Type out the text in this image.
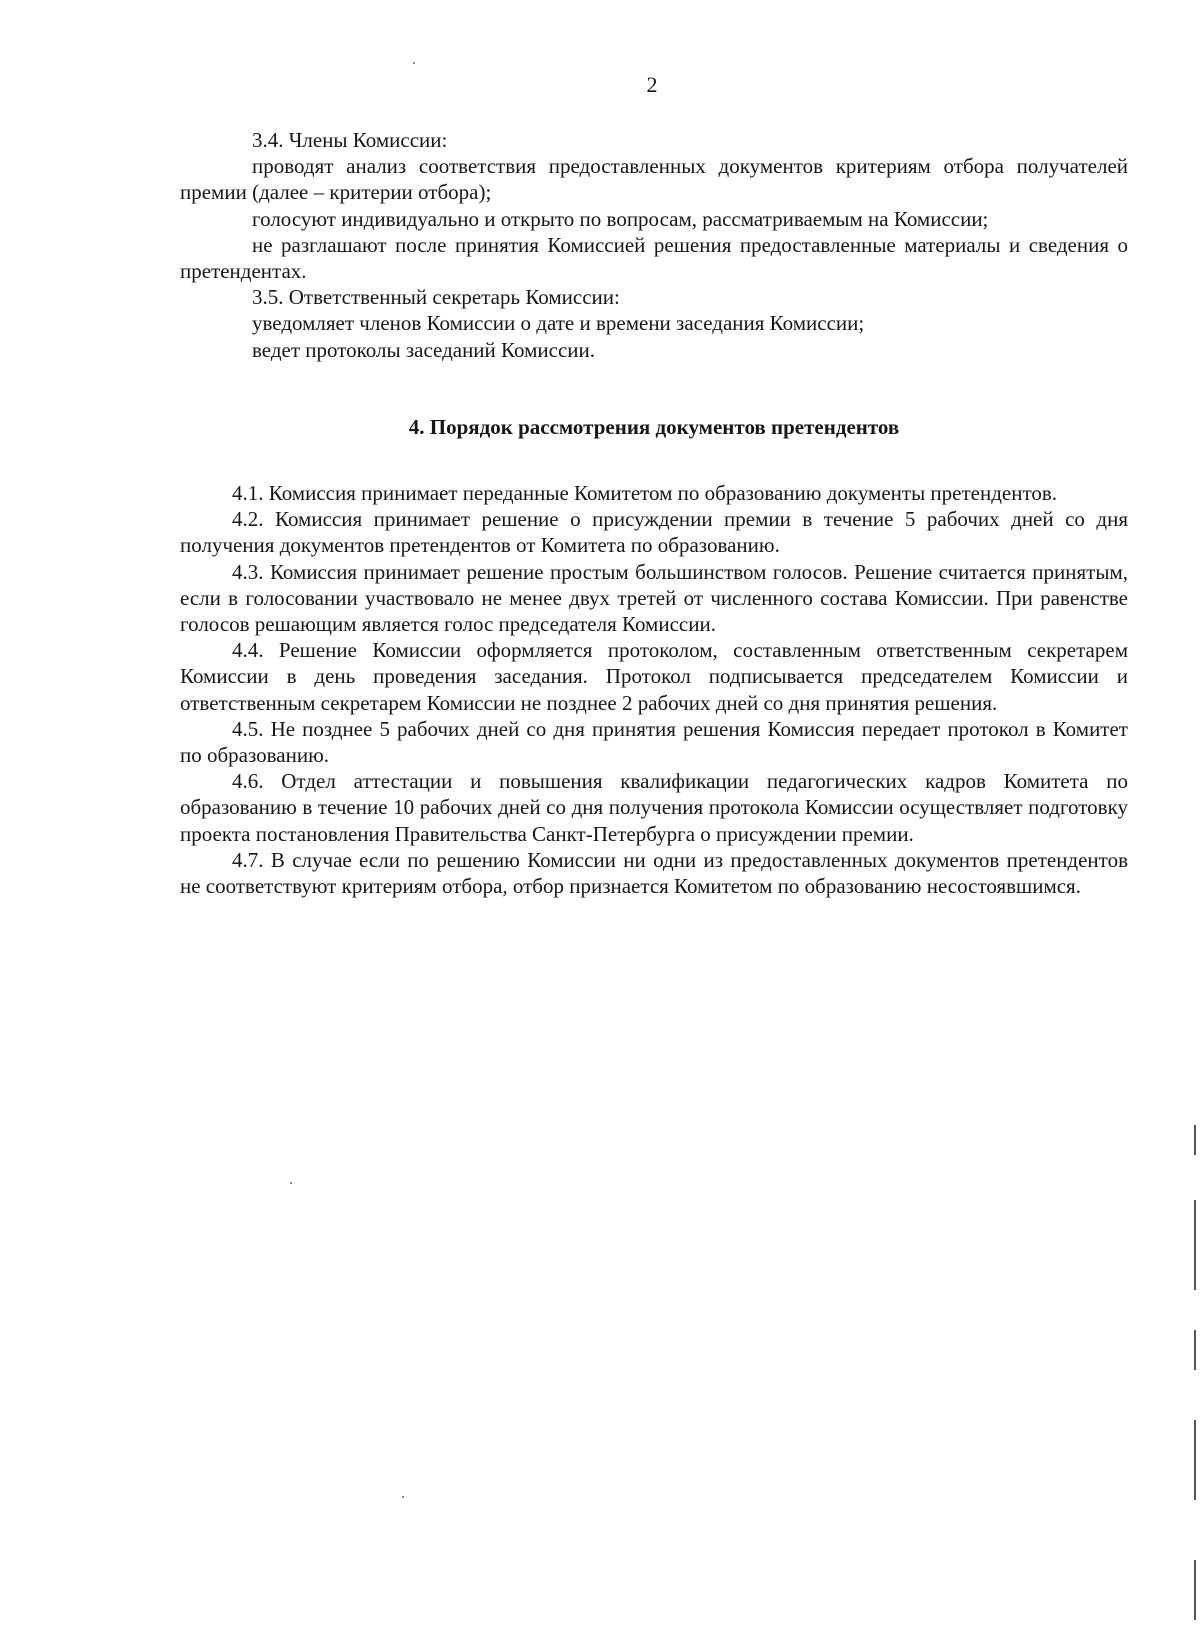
2

3.4. Члены Комиссии:

проводят анализ соответствия предоставленных документов критериям отбора получателей премии (далее – критерии отбора);

голосуют индивидуально и открыто по вопросам, рассматриваемым на Комиссии;

не разглашают после принятия Комиссией решения предоставленные материалы и сведения о претендентах.

3.5. Ответственный секретарь Комиссии:

уведомляет членов Комиссии о дате и времени заседания Комиссии;

ведет протоколы заседаний Комиссии.

4. Порядок рассмотрения документов претендентов

4.1. Комиссия принимает переданные Комитетом по образованию документы претендентов.

4.2. Комиссия принимает решение о присуждении премии в течение 5 рабочих дней со дня получения документов претендентов от Комитета по образованию.

4.3. Комиссия принимает решение простым большинством голосов. Решение считается принятым, если в голосовании участвовало не менее двух третей от численного состава Комиссии. При равенстве голосов решающим является голос председателя Комиссии.

4.4. Решение Комиссии оформляется протоколом, составленным ответственным секретарем Комиссии в день проведения заседания. Протокол подписывается председателем Комиссии и ответственным секретарем Комиссии не позднее 2 рабочих дней со дня принятия решения.

4.5. Не позднее 5 рабочих дней со дня принятия решения Комиссия передает протокол в Комитет по образованию.

4.6. Отдел аттестации и повышения квалификации педагогических кадров Комитета по образованию в течение 10 рабочих дней со дня получения протокола Комиссии осуществляет подготовку проекта постановления Правительства Санкт-Петербурга о присуждении премии.

4.7. В случае если по решению Комиссии ни одни из предоставленных документов претендентов не соответствуют критериям отбора, отбор признается Комитетом по образованию несостоявшимся.
